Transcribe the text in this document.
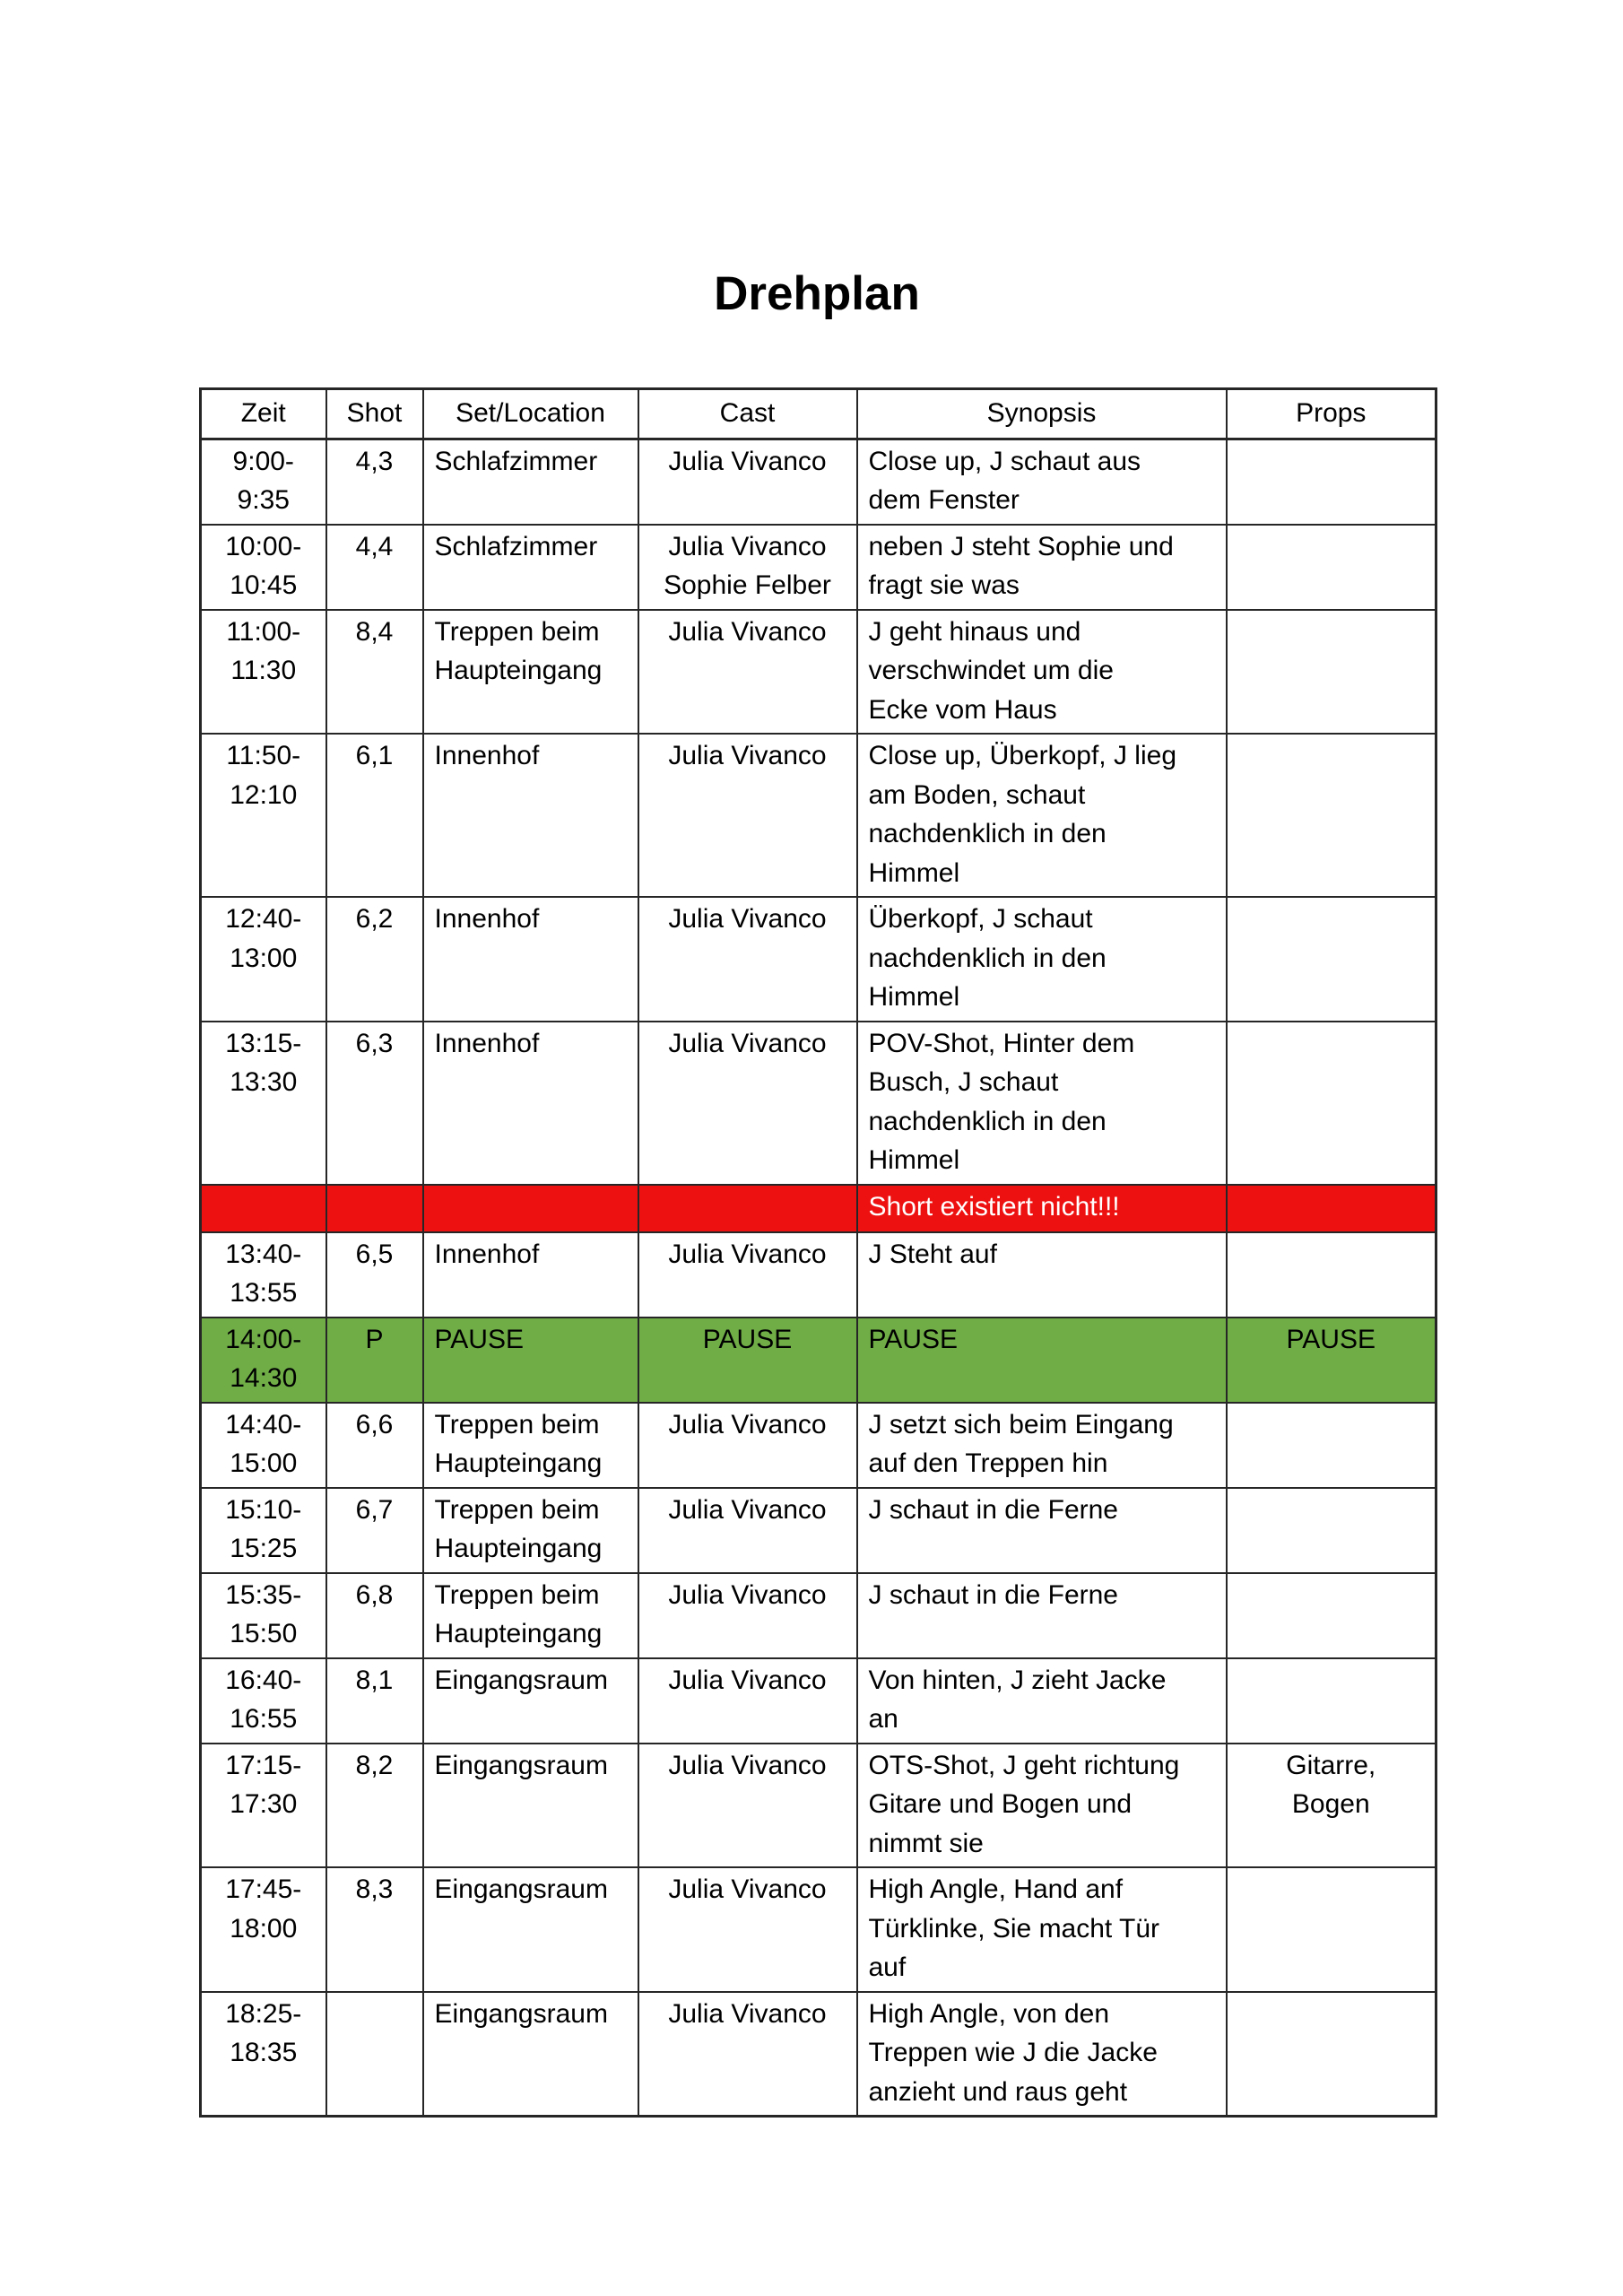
Drehplan
Zeit	Shot	Set/Location	Cast	Synopsis	Props
9:00-
9:35	4,3	Schlafzimmer	Julia Vivanco	Close up, J schaut aus
dem Fenster	
10:00-
10:45	4,4	Schlafzimmer	Julia Vivanco
Sophie Felber	neben J steht Sophie und
fragt sie was	
11:00-
11:30	8,4	Treppen beim
Haupteingang	Julia Vivanco	J geht hinaus und
verschwindet um die
Ecke vom Haus	
11:50-
12:10	6,1	Innenhof	Julia Vivanco	Close up, Überkopf, J lieg
am Boden, schaut
nachdenklich in den
Himmel	
12:40-
13:00	6,2	Innenhof	Julia Vivanco	Überkopf, J schaut
nachdenklich in den
Himmel	
13:15-
13:30	6,3	Innenhof	Julia Vivanco	POV-Shot, Hinter dem
Busch, J schaut
nachdenklich in den
Himmel	
				Short existiert nicht!!!	
13:40-
13:55	6,5	Innenhof	Julia Vivanco	J Steht auf	
14:00-
14:30	P	PAUSE	PAUSE	PAUSE	PAUSE
14:40-
15:00	6,6	Treppen beim
Haupteingang	Julia Vivanco	J setzt sich beim Eingang
auf den Treppen hin	
15:10-
15:25	6,7	Treppen beim
Haupteingang	Julia Vivanco	J schaut in die Ferne	
15:35-
15:50	6,8	Treppen beim
Haupteingang	Julia Vivanco	J schaut in die Ferne	
16:40-
16:55	8,1	Eingangsraum	Julia Vivanco	Von hinten, J zieht Jacke
an	
17:15-
17:30	8,2	Eingangsraum	Julia Vivanco	OTS-Shot, J geht richtung
Gitare und Bogen und
nimmt sie	Gitarre,
Bogen
17:45-
18:00	8,3	Eingangsraum	Julia Vivanco	High Angle, Hand anf
Türklinke, Sie macht Tür
auf	
18:25-
18:35		Eingangsraum	Julia Vivanco	High Angle, von den
Treppen wie J die Jacke
anzieht und raus geht	
